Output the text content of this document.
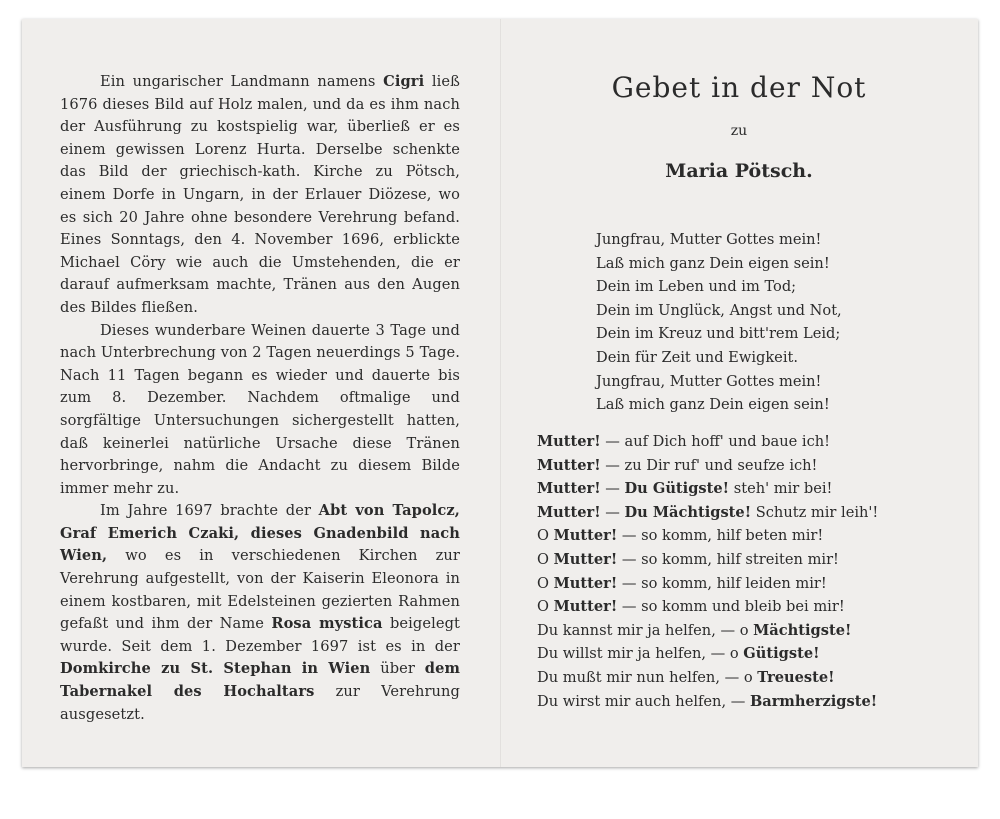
Ein ungarischer Landmann namens Cigri ließ 1676 dieses Bild auf Holz malen, und da es ihm nach der Ausführung zu kostspielig war, überließ er es einem gewissen Lorenz Hurta. Derselbe schenkte das Bild der griechisch-kath. Kirche zu Pötsch, einem Dorfe in Ungarn, in der Erlauer Diözese, wo es sich 20 Jahre ohne besondere Verehrung befand. Eines Sonntags, den 4. November 1696, erblickte Michael Cöry wie auch die Umstehenden, die er darauf aufmerksam machte, Tränen aus den Augen des Bildes fließen.

Dieses wunderbare Weinen dauerte 3 Tage und nach Unterbrechung von 2 Tagen neuerdings 5 Tage. Nach 11 Tagen begann es wieder und dauerte bis zum 8. Dezember. Nachdem oftmalige und sorgfältige Untersuchungen sichergestellt hatten, daß keinerlei natürliche Ursache diese Tränen hervorbringe, nahm die Andacht zu diesem Bilde immer mehr zu.

Im Jahre 1697 brachte der Abt von Tapolcz, Graf Emerich Czaki, dieses Gnadenbild nach Wien, wo es in verschiedenen Kirchen zur Verehrung aufgestellt, von der Kaiserin Eleonora in einem kostbaren, mit Edelsteinen gezierten Rahmen gefaßt und ihm der Name Rosa mystica beigelegt wurde. Seit dem 1. Dezember 1697 ist es in der Domkirche zu St. Stephan in Wien über dem Tabernakel des Hochaltars zur Verehrung ausgesetzt.

Gebet in der Not
zu
Maria Pötsch.
Jungfrau, Mutter Gottes mein!
Laß mich ganz Dein eigen sein!
Dein im Leben und im Tod;
Dein im Unglück, Angst und Not,
Dein im Kreuz und bitt'rem Leid;
Dein für Zeit und Ewigkeit.
Jungfrau, Mutter Gottes mein!
Laß mich ganz Dein eigen sein!
Mutter! — auf Dich hoff' und baue ich!
Mutter! — zu Dir ruf' und seufze ich!
Mutter! — Du Gütigste! steh' mir bei!
Mutter! — Du Mächtigste! Schutz mir leih'!
O Mutter! — so komm, hilf beten mir!
O Mutter! — so komm, hilf streiten mir!
O Mutter! — so komm, hilf leiden mir!
O Mutter! — so komm und bleib bei mir!
Du kannst mir ja helfen, — o Mächtigste!
Du willst mir ja helfen, — o Gütigste!
Du mußt mir nun helfen, — o Treueste!
Du wirst mir auch helfen, — Barmherzigste!
